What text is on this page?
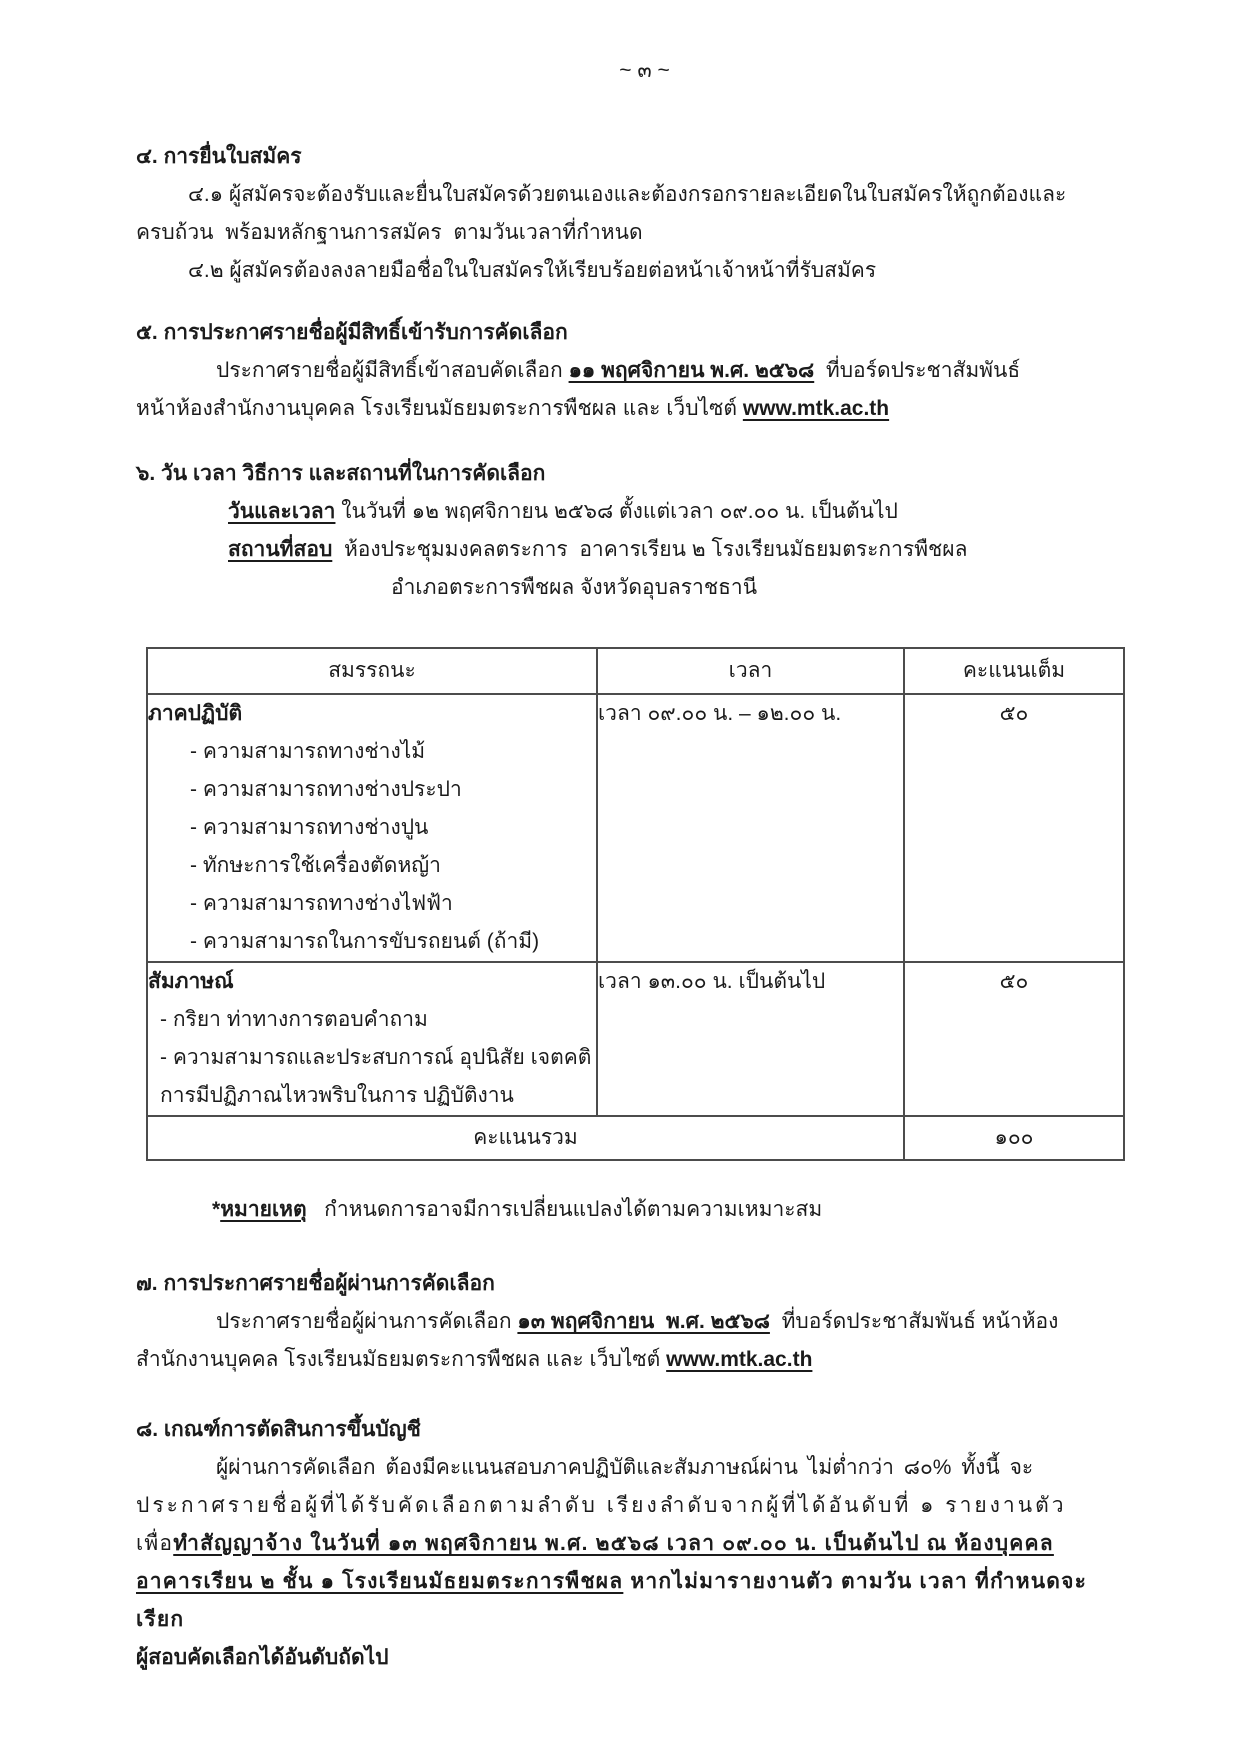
~ ๓ ~
๔. การยื่นใบสมัคร
๔.๑ ผู้สมัครจะต้องรับและยื่นใบสมัครด้วยตนเองและต้องกรอกรายละเอียดในใบสมัครให้ถูกต้องและ
ครบถ้วน  พร้อมหลักฐานการสมัคร  ตามวันเวลาที่กำหนด
๔.๒ ผู้สมัครต้องลงลายมือชื่อในใบสมัครให้เรียบร้อยต่อหน้าเจ้าหน้าที่รับสมัคร
๕. การประกาศรายชื่อผู้มีสิทธิ์เข้ารับการคัดเลือก
ประกาศรายชื่อผู้มีสิทธิ์เข้าสอบคัดเลือก ๑๑ พฤศจิกายน พ.ศ. ๒๕๖๘  ที่บอร์ดประชาสัมพันธ์
หน้าห้องสำนักงานบุคคล โรงเรียนมัธยมตระการพืชผล และ เว็บไซต์ www.mtk.ac.th
๖. วัน เวลา วิธีการ และสถานที่ในการคัดเลือก
วันและเวลา ในวันที่ ๑๒ พฤศจิกายน ๒๕๖๘ ตั้งแต่เวลา ๐๙.๐๐ น. เป็นต้นไป
สถานที่สอบ  ห้องประชุมมงคลตระการ  อาคารเรียน ๒ โรงเรียนมัธยมตระการพืชผล
อำเภอตระการพืชผล จังหวัดอุบลราชธานี
สมรรถนะ	เวลา	คะแนนเต็ม

ภาคปฏิบัติ
- ความสามารถทางช่างไม้
- ความสามารถทางช่างประปา
- ความสามารถทางช่างปูน
- ทักษะการใช้เครื่องตัดหญ้า
- ความสามารถทางช่างไฟฟ้า
- ความสามารถในการขับรถยนต์ (ถ้ามี)
	เวลา ๐๙.๐๐ น. – ๑๒.๐๐ น.	๕๐

สัมภาษณ์
- กริยา ท่าทางการตอบคำถาม
- ความสามารถและประสบการณ์ อุปนิสัย เจตคติ การมีปฏิภาณไหวพริบในการ ปฏิบัติงาน	เวลา ๑๓.๐๐ น. เป็นต้นไป	๕๐
คะแนนรวม		๑๐๐
*หมายเหตุ   กำหนดการอาจมีการเปลี่ยนแปลงได้ตามความเหมาะสม
๗. การประกาศรายชื่อผู้ผ่านการคัดเลือก
ประกาศรายชื่อผู้ผ่านการคัดเลือก ๑๓ พฤศจิกายน  พ.ศ. ๒๕๖๘  ที่บอร์ดประชาสัมพันธ์ หน้าห้อง
สำนักงานบุคคล โรงเรียนมัธยมตระการพืชผล และ เว็บไซต์ www.mtk.ac.th
๘. เกณฑ์การตัดสินการขึ้นบัญชี
ผู้ผ่านการคัดเลือก ต้องมีคะแนนสอบภาคปฏิบัติและสัมภาษณ์ผ่าน ไม่ต่ำกว่า ๘๐% ทั้งนี้ จะ
ประกาศรายชื่อผู้ที่ได้รับคัดเลือกตามลำดับ เรียงลำดับจากผู้ที่ได้อันดับที่ ๑ รายงานตัว
เพื่อทำสัญญาจ้าง ในวันที่ ๑๓ พฤศจิกายน พ.ศ. ๒๕๖๘ เวลา ๐๙.๐๐ น. เป็นต้นไป ณ ห้องบุคคล
อาคารเรียน ๒ ชั้น ๑ โรงเรียนมัธยมตระการพืชผล หากไม่มารายงานตัว ตามวัน เวลา ที่กำหนดจะเรียก
ผู้สอบคัดเลือกได้อันดับถัดไป
